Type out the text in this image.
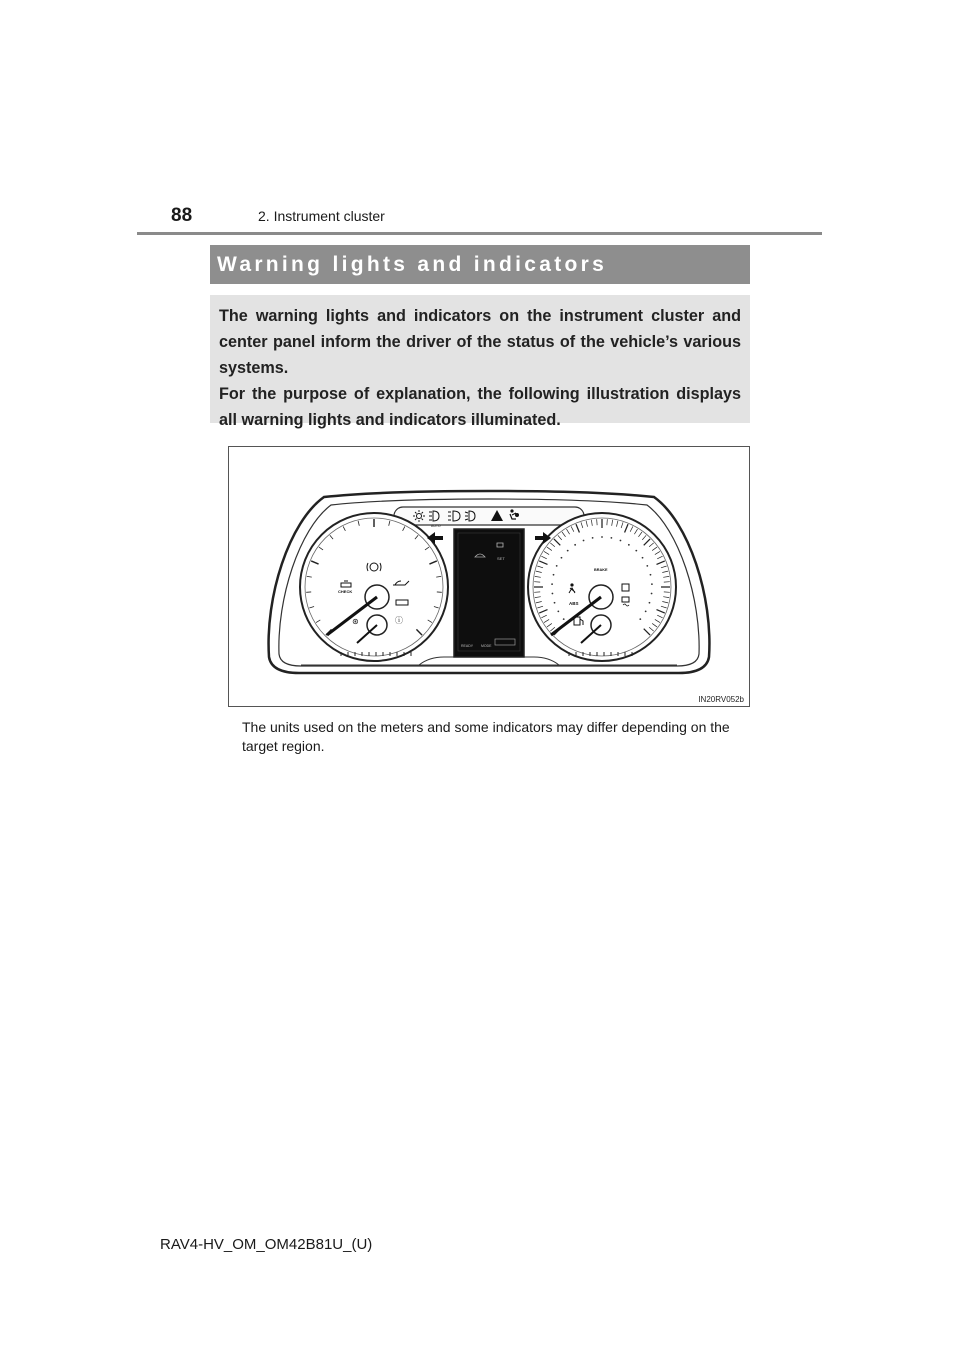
88	2. Instrument cluster
Warning lights and indicators

The warning lights and indicators on the instrument cluster and center panel inform the driver of the status of the vehicle’s various systems.

For the purpose of explanation, the following illustration displays all warning lights and indicators illuminated.

AUTO
CHECK
⊛	ⓘ
BRAKE
ABS
SET
READY MODE
IN20RV052b
The units used on the meters and some indicators may differ depending on the target region.
RAV4-HV_OM_OM42B81U_(U)
